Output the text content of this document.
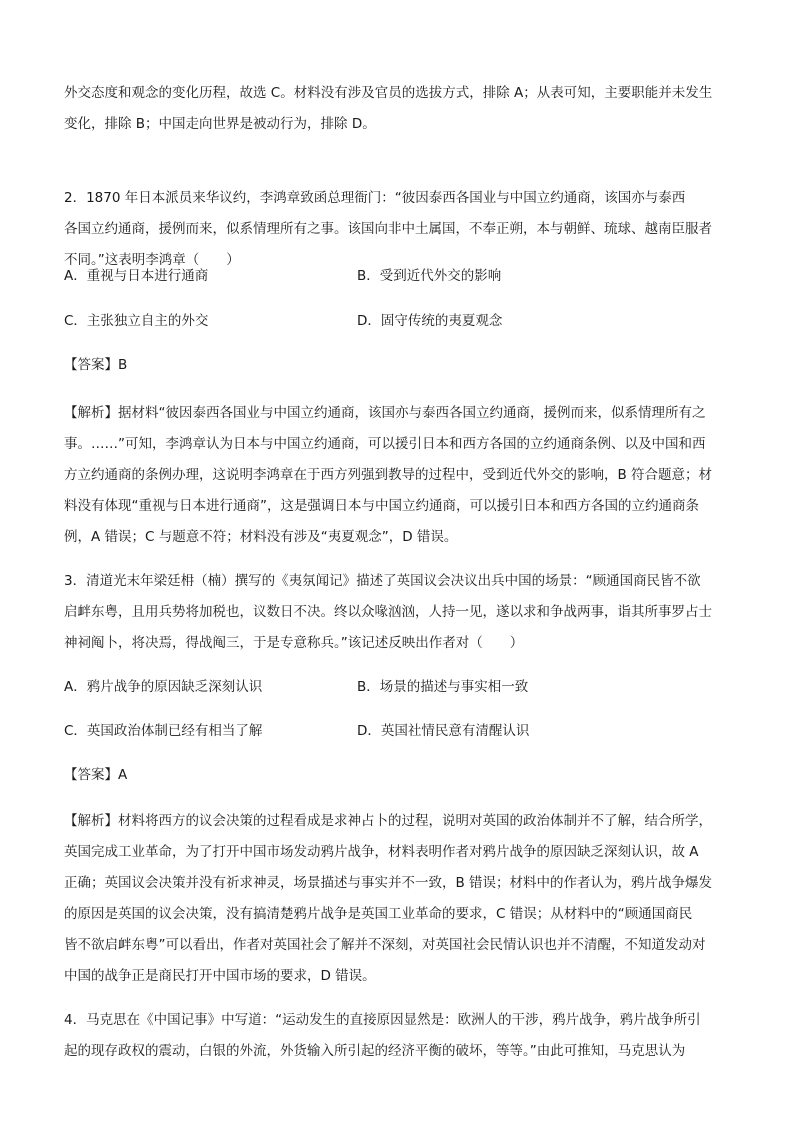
外交态度和观念的变化历程，故选 C。材料没有涉及官员的选拔方式，排除 A；从表可知，主要职能并未发生
变化，排除 B；中国走向世界是被动行为，排除 D。
2．1870 年日本派员来华议约，李鸿章致函总理衙门：“彼因泰西各国业与中国立约通商，该国亦与泰西
各国立约通商，援例而来，似系情理所有之事。该国向非中土属国，不奉正朔，本与朝鲜、琉球、越南臣服者
不同。”这表明李鸿章（　　）
A．重视与日本进行通商	B．受到近代外交的影响
C．主张独立自主的外交	D．固守传统的夷夏观念
【答案】B
【解析】据材料“彼因泰西各国业与中国立约通商，该国亦与泰西各国立约通商，援例而来，似系情理所有之
事。……”可知，李鸿章认为日本与中国立约通商，可以援引日本和西方各国的立约通商条例、以及中国和西
方立约通商的条例办理，这说明李鸿章在于西方列强到教导的过程中，受到近代外交的影响，B 符合题意；材
料没有体现“重视与日本进行通商”，这是强调日本与中国立约通商，可以援引日本和西方各国的立约通商条
例，A 错误；C 与题意不符；材料没有涉及“夷夏观念”，D 错误。
3．清道光末年梁廷枏（楠）撰写的《夷氛闻记》描述了英国议会决议出兵中国的场景：“顾通国商民皆不欲
启衅东粤，且用兵势将加税也，议数日不决。终以众喙汹汹，人持一见，遂以求和争战两事，诣其所事罗占士
神祠阄卜，将决焉，得战阄三，于是专意称兵。”该记述反映出作者对（　　）
A．鸦片战争的原因缺乏深刻认识	B．场景的描述与事实相一致
C．英国政治体制已经有相当了解	D．英国社情民意有清醒认识
【答案】A
【解析】材料将西方的议会决策的过程看成是求神占卜的过程，说明对英国的政治体制并不了解，结合所学，
英国完成工业革命，为了打开中国市场发动鸦片战争，材料表明作者对鸦片战争的原因缺乏深刻认识，故 A
正确；英国议会决策并没有祈求神灵，场景描述与事实并不一致，B 错误；材料中的作者认为，鸦片战争爆发
的原因是英国的议会决策，没有搞清楚鸦片战争是英国工业革命的要求，C 错误；从材料中的“顾通国商民
皆不欲启衅东粤”可以看出，作者对英国社会了解并不深刻，对英国社会民情认识也并不清醒，不知道发动对
中国的战争正是商民打开中国市场的要求，D 错误。
4．马克思在《中国记事》中写道：“运动发生的直接原因显然是：欧洲人的干涉，鸦片战争，鸦片战争所引
起的现存政权的震动，白银的外流，外货输入所引起的经济平衡的破坏，等等。”由此可推知，马克思认为
